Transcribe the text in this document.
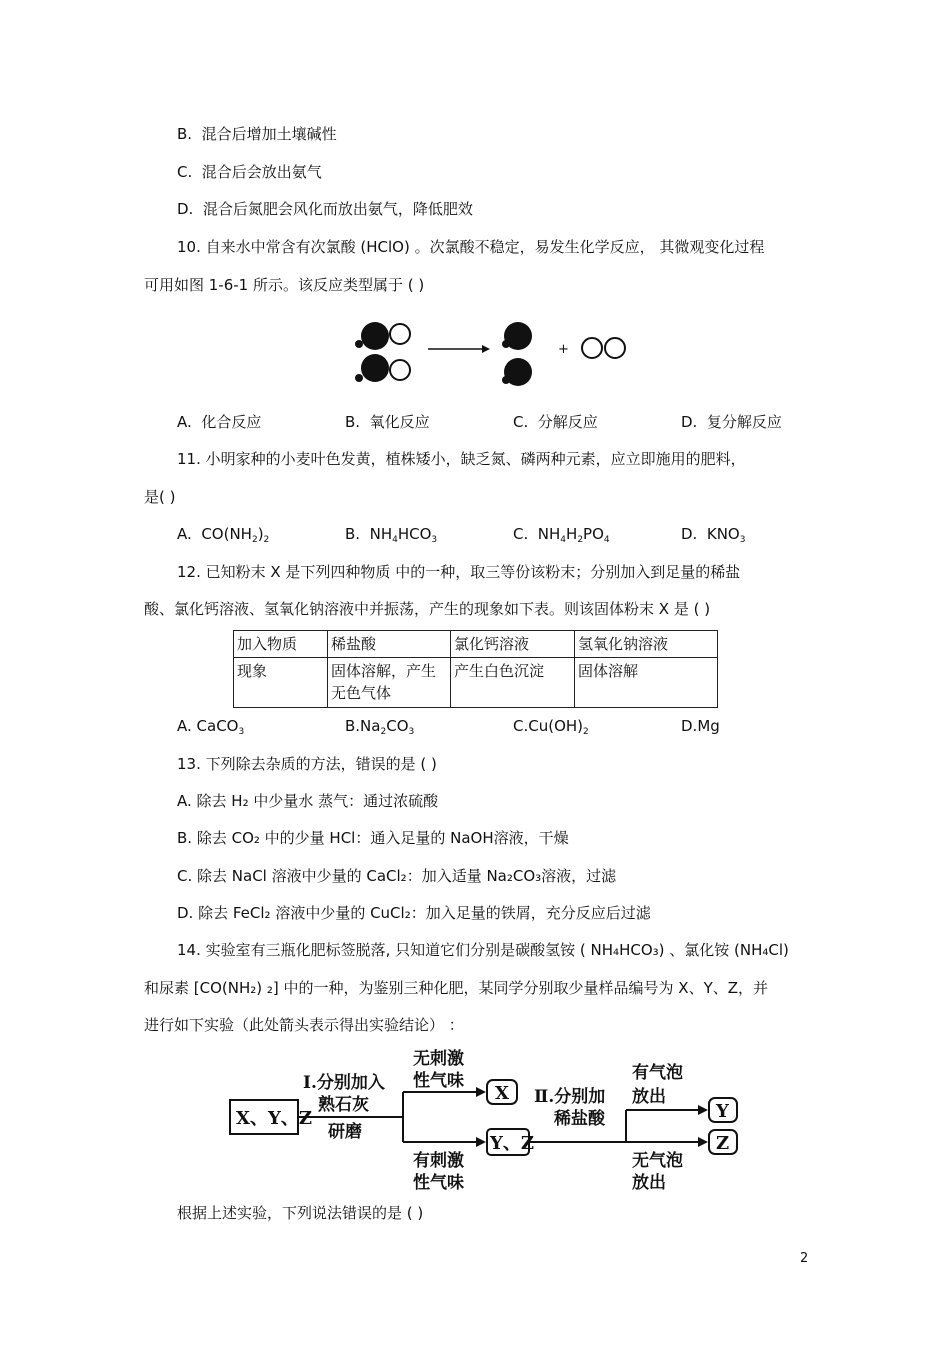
B. 混合后增加土壤碱性
C. 混合后会放出氨气
D. 混合后氮肥会风化而放出氨气，降低肥效
10. 自来水中常含有次氯酸 (HClO) 。次氯酸不稳定，易发生化学反应， 其微观变化过程
可用如图 1-6-1 所示。该反应类型属于 ( )
+
A. 化合反应	B. 氧化反应	C. 分解反应	D. 复分解反应
11. 小明家种的小麦叶色发黄，植株矮小，缺乏氮、磷两种元素，应立即施用的肥料，
是( )
A. $CO(NH_2)_2$	B. $NH_4HCO_3$	C. $NH_4H_2PO_4$	D. $KNO_3$
12. 已知粉末 X 是下列四种物质 中的一种，取三等份该粉末；分别加入到足量的稀盐
酸、氯化钙溶液、氢氧化钠溶液中并振荡，产生的现象如下表。则该固体粉末 X 是 ( )
加入物质	稀盐酸	氯化钙溶液	氢氧化钠溶液
现象	固体溶解，产生无色气体	产生白色沉淀	固体溶解
A. CaCO$_3$	$B.Na_2CO_3$	$C.Cu(OH)_2$	D.Mg
13. 下列除去杂质的方法，错误的是 ( )
A. 除去 H₂ 中少量水 蒸气：通过浓硫酸
B. 除去 CO₂ 中的少量 HCl：通入足量的 NaOH溶液，干燥
C. 除去 NaCl 溶液中少量的 CaCl₂：加入适量 Na₂CO₃溶液，过滤
D. 除去 FeCl₂ 溶液中少量的 CuCl₂：加入足量的铁屑，充分反应后过滤
14. 实验室有三瓶化肥标签脱落, 只知道它们分别是碳酸氢铵 ( NH₄HCO₃) 、氯化铵 (NH₄Cl)
和尿素 [CO(NH₂) ₂] 中的一种，为鉴别三种化肥，某同学分别取少量样品编号为 X、Y、Z，并
进行如下实验（此处箭头表示得出实验结论） ：
X、Y、Z
Ⅰ.分别加入
熟石灰
研磨
无刺激
性气味
有刺激
性气味
X
Y、Z
Ⅱ.分别加
稀盐酸
有气泡
放出
无气泡
放出
Y
Z
根据上述实验，下列说法错误的是 ( )
2
